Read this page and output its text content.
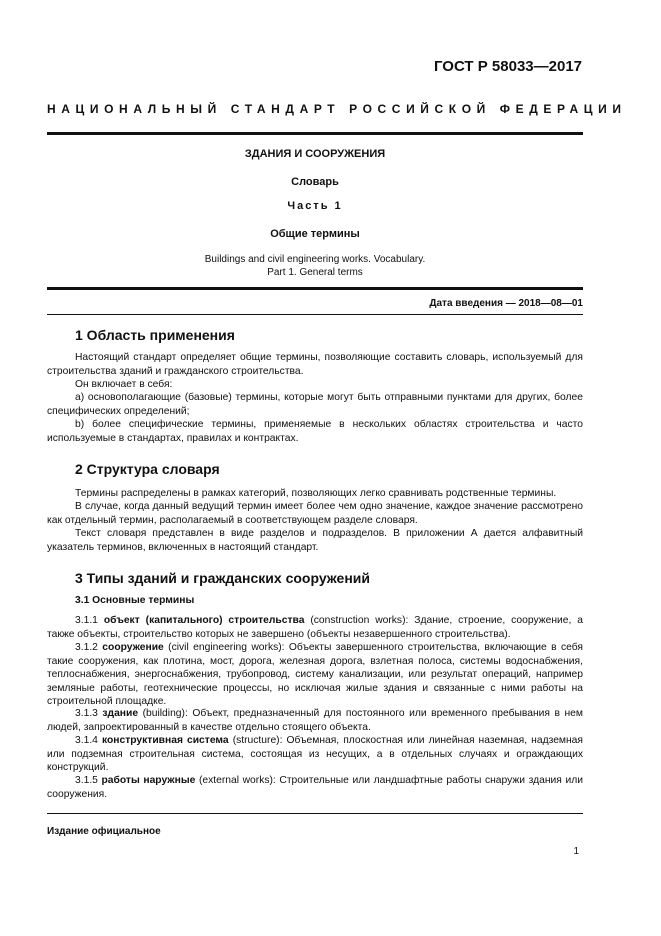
ГОСТ Р 58033—2017
НАЦИОНАЛЬНЫЙ СТАНДАРТ РОССИЙСКОЙ ФЕДЕРАЦИИ
ЗДАНИЯ И СООРУЖЕНИЯ
Словарь
Часть 1
Общие термины
Buildings and civil engineering works. Vocabulary.
Part 1. General terms
Дата введения — 2018—08—01
1 Область применения

Настоящий стандарт определяет общие термины, позволяющие составить словарь, используемый для строительства зданий и гражданского строительства.

Он включает в себя:

a) основополагающие (базовые) термины, которые могут быть отправными пунктами для других, более специфических определений;

b) более специфические термины, применяемые в нескольких областях строительства и часто используемые в стандартах, правилах и контрактах.

2 Структура словаря

Термины распределены в рамках категорий, позволяющих легко сравнивать родственные термины.

В случае, когда данный ведущий термин имеет более чем одно значение, каждое значение рассмотрено как отдельный термин, располагаемый в соответствующем разделе словаря.

Текст словаря представлен в виде разделов и подразделов. В приложении А дается алфавитный указатель терминов, включенных в настоящий стандарт.

3 Типы зданий и гражданских сооружений
3.1 Основные термины

3.1.1 объект (капитального) строительства (construction works): Здание, строение, сооружение, а также объекты, строительство которых не завершено (объекты незавершенного строительства).

3.1.2 сооружение (civil engineering works): Объекты завершенного строительства, включающие в себя такие сооружения, как плотина, мост, дорога, железная дорога, взлетная полоса, системы водоснабжения, теплоснабжения, энергоснабжения, трубопровод, систему канализации, или результат операций, например земляные работы, геотехнические процессы, но исключая жилые здания и связанные с ними работы на строительной площадке.

3.1.3 здание (building): Объект, предназначенный для постоянного или временного пребывания в нем людей, запроектированный в качестве отдельно стоящего объекта.

3.1.4 конструктивная система (structure): Объемная, плоскостная или линейная наземная, надземная или подземная строительная система, состоящая из несущих, а в отдельных случаях и ограждающих конструкций.

3.1.5 работы наружные (external works): Строительные или ландшафтные работы снаружи здания или сооружения.

Издание официальное
1
